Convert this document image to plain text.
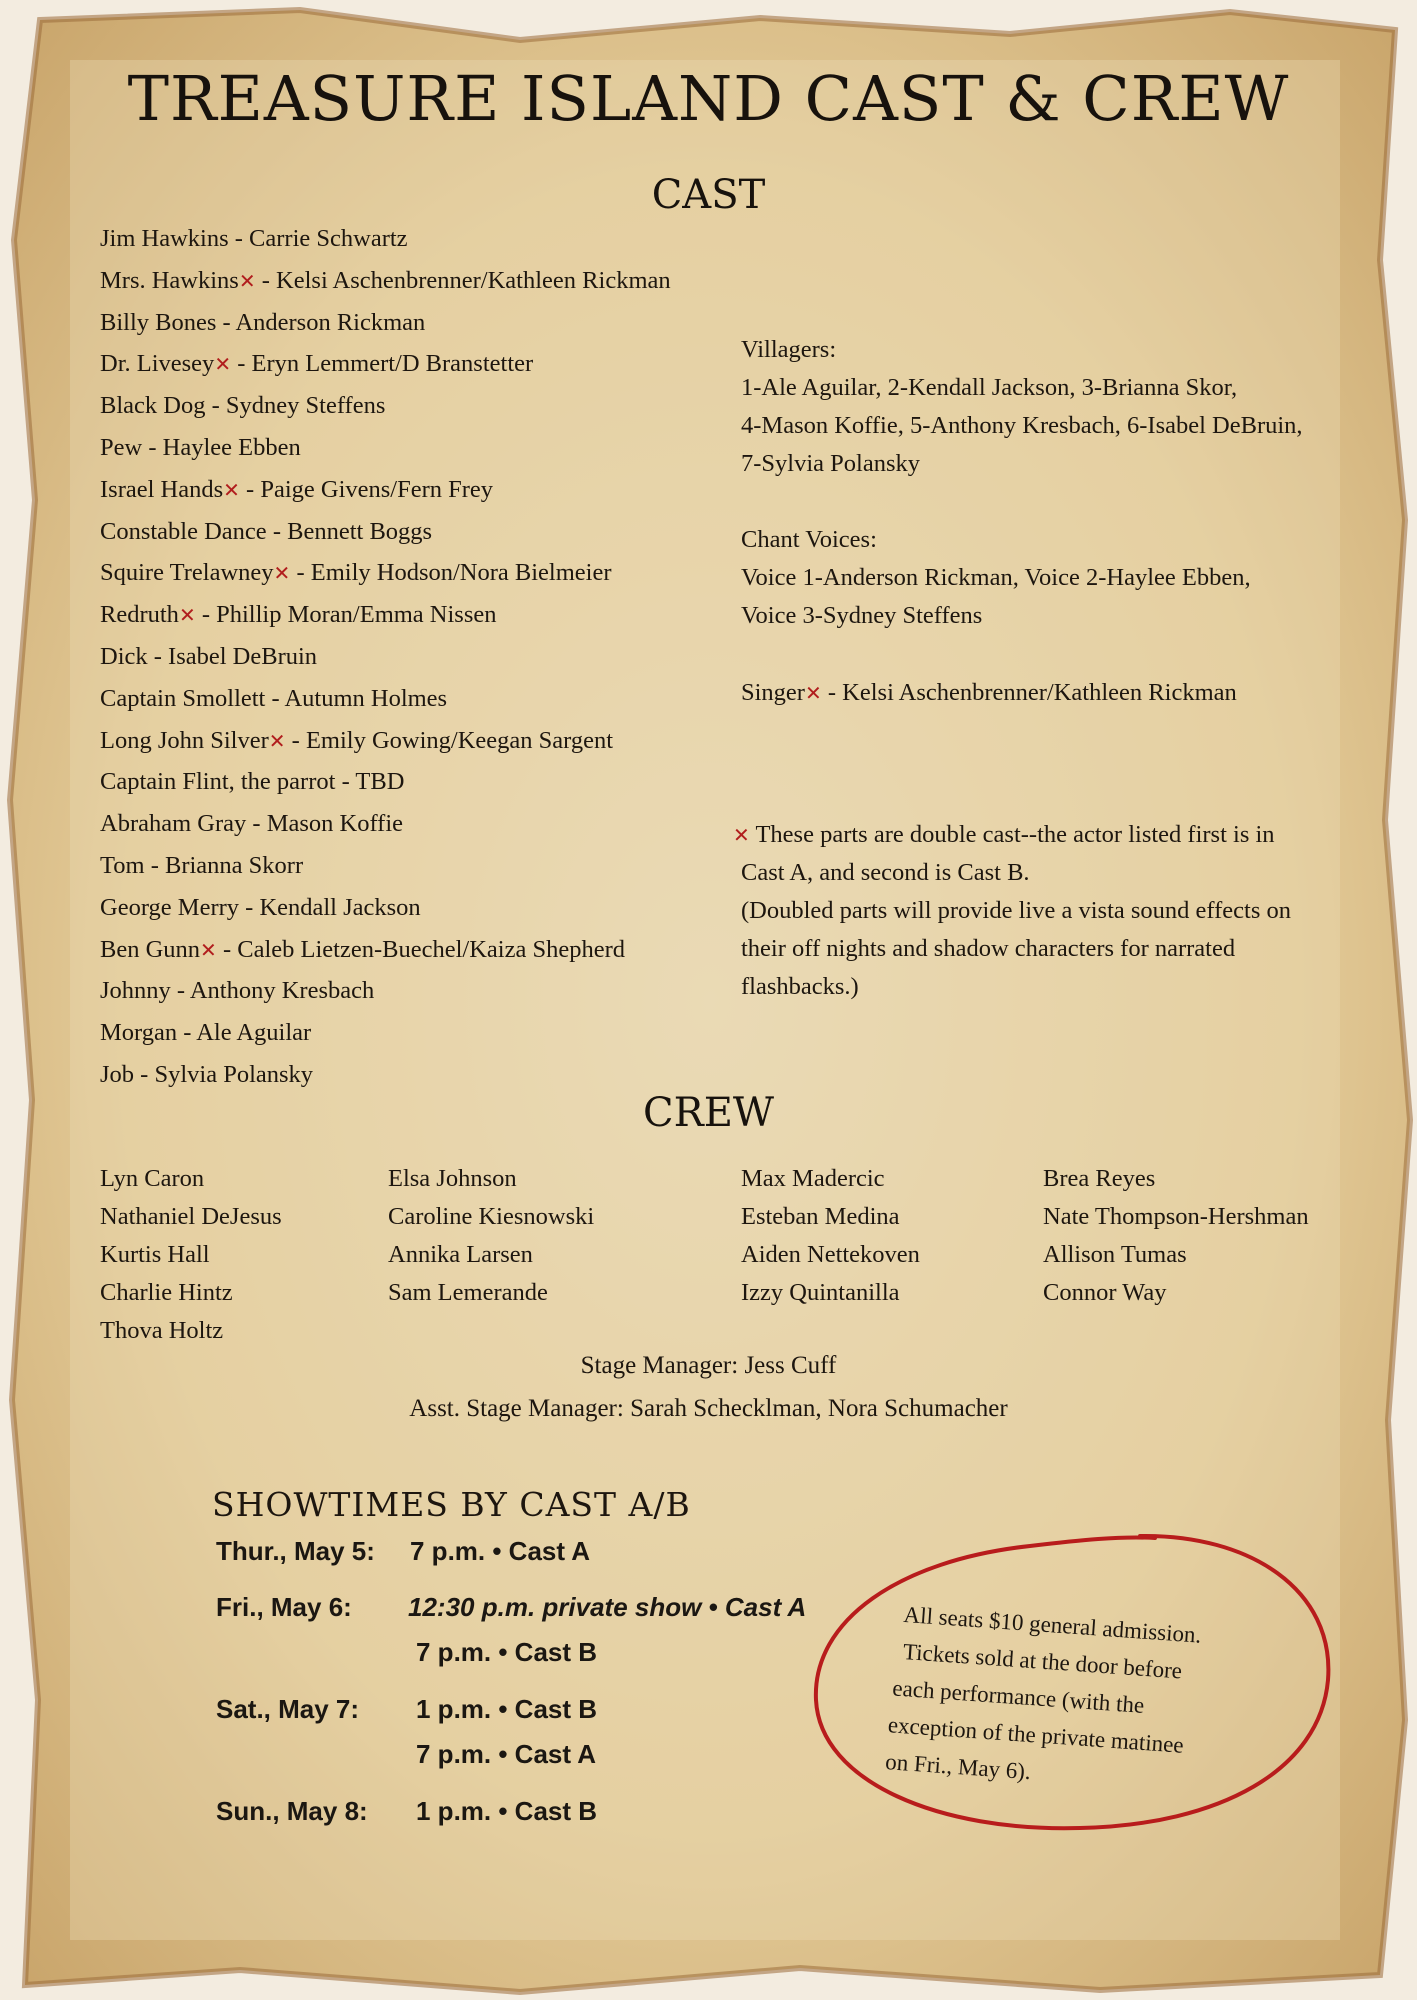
TREASURE ISLAND CAST & CREW
CAST
Jim Hawkins - Carrie Schwartz
Mrs. Hawkins✕ - Kelsi Aschenbrenner/Kathleen Rickman
Billy Bones - Anderson Rickman
Dr. Livesey✕ - Eryn Lemmert/D Branstetter
Black Dog - Sydney Steffens
Pew - Haylee Ebben
Israel Hands✕ - Paige Givens/Fern Frey
Constable Dance - Bennett Boggs
Squire Trelawney✕ - Emily Hodson/Nora Bielmeier
Redruth✕ - Phillip Moran/Emma Nissen
Dick - Isabel DeBruin
Captain Smollett - Autumn Holmes
Long John Silver✕ - Emily Gowing/Keegan Sargent
Captain Flint, the parrot - TBD
Abraham Gray - Mason Koffie
Tom - Brianna Skorr
George Merry - Kendall Jackson
Ben Gunn✕ - Caleb Lietzen-Buechel/Kaiza Shepherd
Johnny - Anthony Kresbach
Morgan - Ale Aguilar
Job - Sylvia Polansky
Villagers:
1-Ale Aguilar, 2-Kendall Jackson, 3-Brianna Skor,
4-Mason Koffie, 5-Anthony Kresbach, 6-Isabel DeBruin,
7-Sylvia Polansky
Chant Voices:
Voice 1-Anderson Rickman, Voice 2-Haylee Ebben,
Voice 3-Sydney Steffens
Singer✕ - Kelsi Aschenbrenner/Kathleen Rickman
✕ These parts are double cast--the actor listed first is in
Cast A, and second is Cast B.
(Doubled parts will provide live a vista sound effects on
their off nights and shadow characters for narrated
flashbacks.)
CREW
Lyn Caron
Nathaniel DeJesus
Kurtis Hall
Charlie Hintz
Thova Holtz
Elsa Johnson
Caroline Kiesnowski
Annika Larsen
Sam Lemerande
Max Madercic
Esteban Medina
Aiden Nettekoven
Izzy Quintanilla
Brea Reyes
Nate Thompson-Hershman
Allison Tumas
Connor Way
Stage Manager: Jess Cuff
Asst. Stage Manager: Sarah Schecklman, Nora Schumacher
SHOWTIMES BY CAST A/B
Thur., May 5: 7 p.m. • Cast A
Fri., May 6: 12:30 p.m. private show • Cast A
7 p.m. • Cast B
Sat., May 7: 1 p.m. • Cast B
7 p.m. • Cast A
Sun., May 8: 1 p.m. • Cast B
All seats $10 general admission.
Tickets sold at the door before
each performance (with the
exception of the private matinee
on Fri., May 6).
